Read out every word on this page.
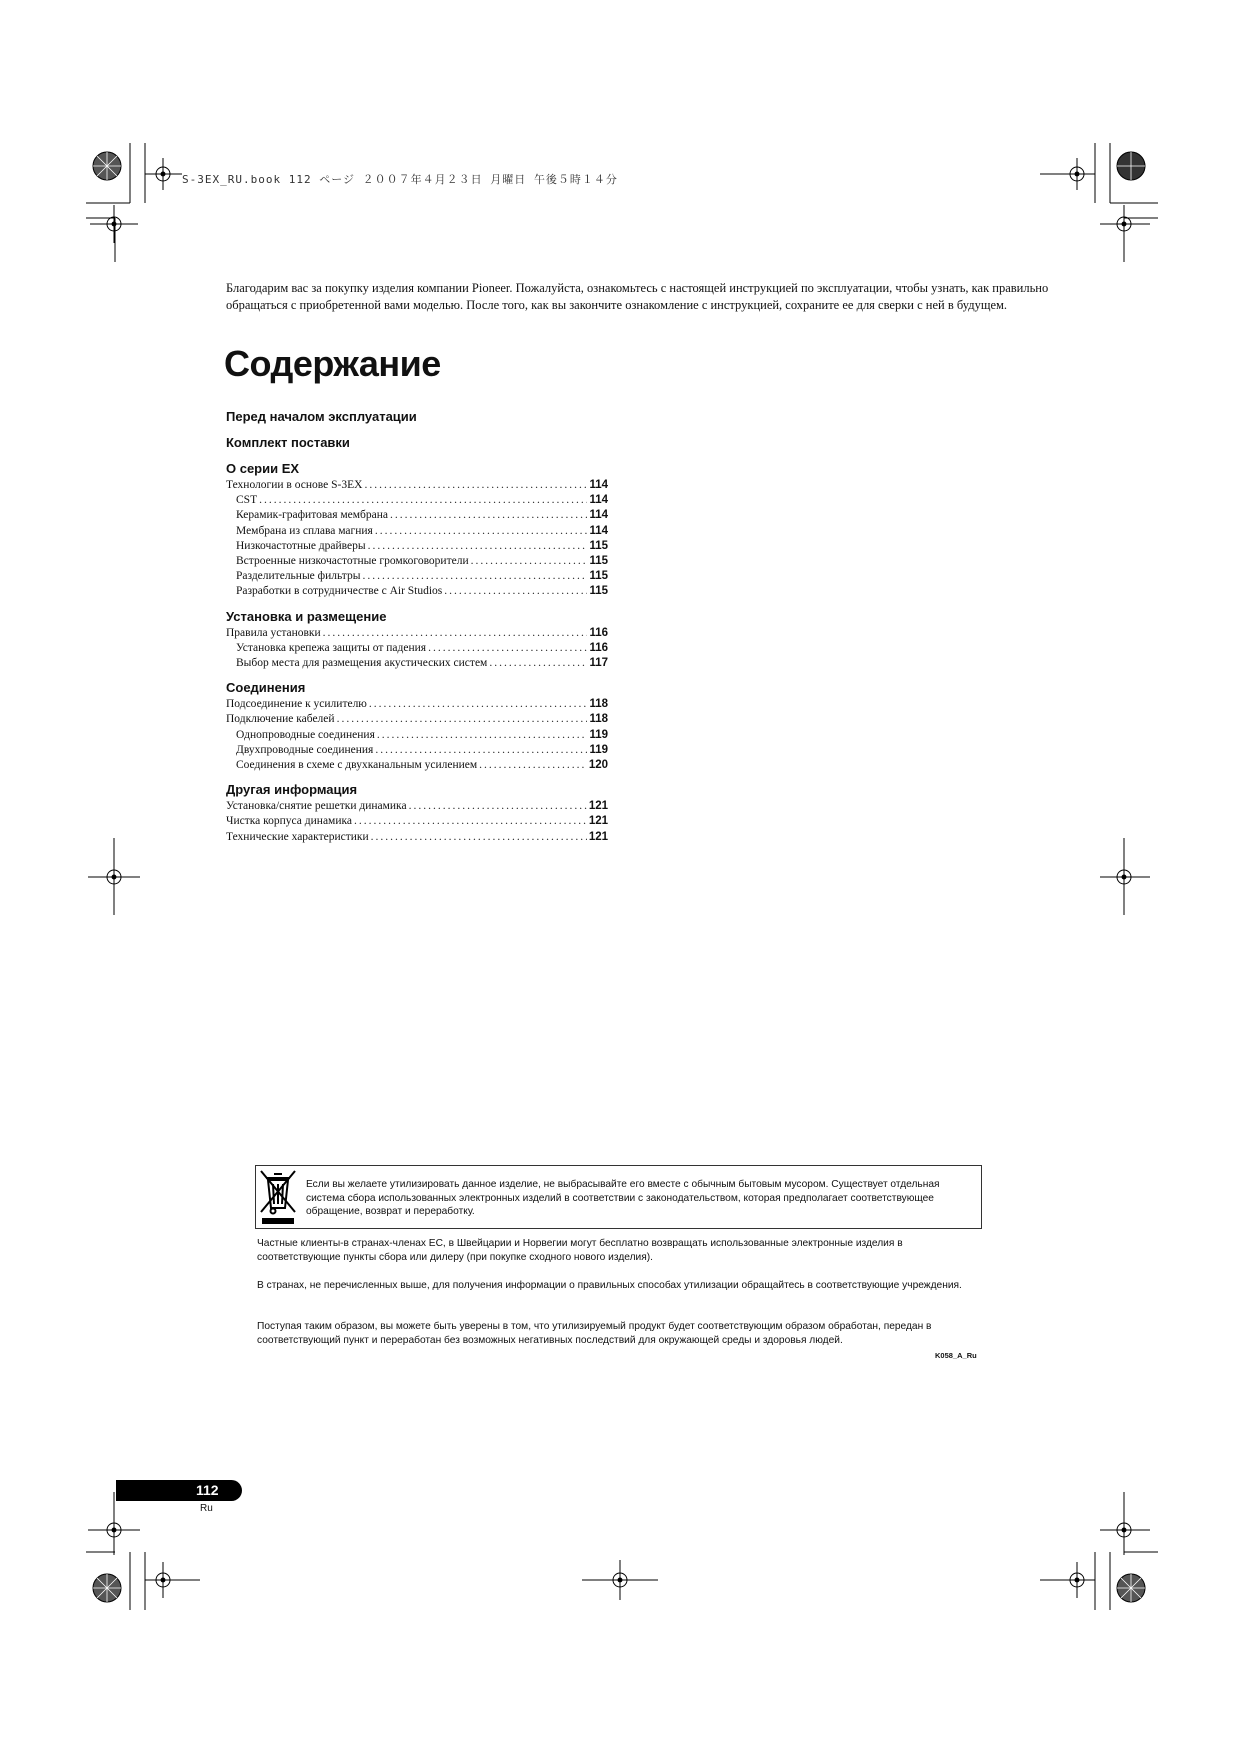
S-3EX_RU.book 112 ページ ２００７年４月２３日 月曜日 午後５時１４分

Благодарим вас за покупку изделия компании Pioneer. Пожалуйста, ознакомьтесь с настоящей инструкцией по эксплуатации, чтобы узнать, как правильно обращаться с приобретенной вами моделью. После того, как вы закончите ознакомление с инструкцией, сохраните ее для сверки с ней в будущем.

Содержание
Перед началом эксплуатации
Комплект поставки
О серии EX
Технологии в основе S-3EX .....	114
CST .....	114
Керамик-графитовая мембрана .....	114
Мембрана из сплава магния .....	114
Низкочастотные драйверы .....	115
Встроенные низкочастотные громкоговорители .....	115
Разделительные фильтры .....	115
Разработки в сотрудничестве с Air Studios .....	115
Установка и размещение
Правила установки .....	116
Установка крепежа защиты от падения .....	116
Выбор места для размещения акустических систем .....	117
Соединения
Подсоединение к усилителю .....	118
Подключение кабелей .....	118
Однопроводные соединения .....	119
Двухпроводные соединения .....	119
Соединения в схеме с двухканальным усилением .....	120
Другая информация
Установка/снятие решетки динамика .....	121
Чистка корпуса динамика .....	121
Технические характеристики .....	121
Если вы желаете утилизировать данное изделие, не выбрасывайте его вместе с обычным бытовым мусором. Существует отдельная система сбора использованных электронных изделий в соответствии с законодательством, которая предполагает соответствующее обращение, возврат и переработку.
Частные клиенты-в странах-членах ЕС, в Швейцарии и Норвегии могут бесплатно возвращать использованные электронные изделия в соответствующие пункты сбора или дилеру (при покупке сходного нового изделия).
В странах, не перечисленных выше, для получения информации о правильных способах утилизации обращайтесь в соответствующие учреждения.
Поступая таким образом, вы можете быть уверены в том, что утилизируемый продукт будет соответствующим образом обработан, передан в соответствующий пункт и переработан без возможных негативных последствий для окружающей среды и здоровья людей.
K058_A_Ru
112
Ru
